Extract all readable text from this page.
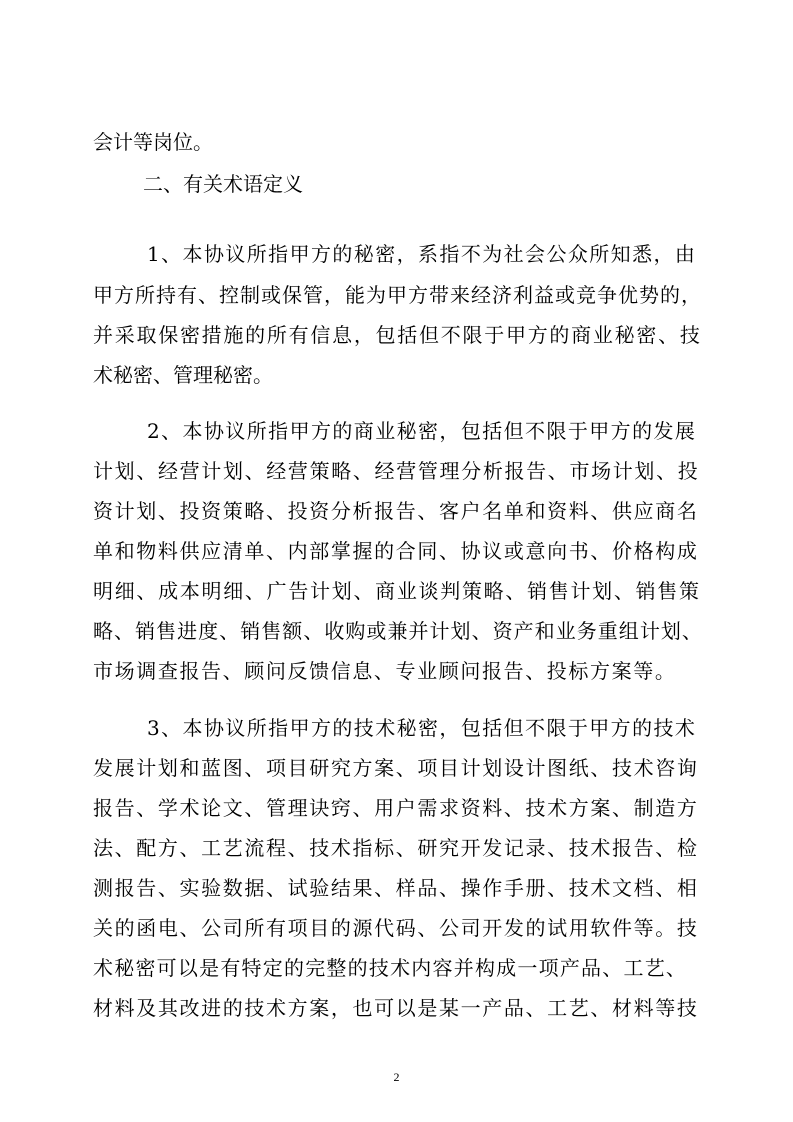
会计等岗位。
二、有关术语定义
1 、 本 协 议 所 指 甲 方 的 秘 密 ， 系 指 不 为 社 会 公 众 所 知 悉 ， 由
甲 方 所 持 有 、 控 制 或 保 管 ， 能 为 甲 方 带 来 经 济 利 益 或 竞 争 优 势 的 ，
并 采 取 保 密 措 施 的 所 有 信 息 ， 包 括 但 不 限 于 甲 方 的 商 业 秘 密 、 技
术秘密、管理秘密。
2 、 本 协 议 所 指 甲 方 的 商 业 秘 密 ， 包 括 但 不 限 于 甲 方 的 发 展
计 划 、 经 营 计 划 、 经 营 策 略 、 经 营 管 理 分 析 报 告 、 市 场 计 划 、 投
资 计 划 、 投 资 策 略 、 投 资 分 析 报 告 、 客 户 名 单 和 资 料 、 供 应 商 名
单 和 物 料 供 应 清 单 、 内 部 掌 握 的 合 同 、 协 议 或 意 向 书 、 价 格 构 成
明 细 、 成 本 明 细 、 广 告 计 划 、 商 业 谈 判 策 略 、 销 售 计 划 、 销 售 策
略 、 销 售 进 度 、 销 售 额 、 收 购 或 兼 并 计 划 、 资 产 和 业 务 重 组 计 划 、
市 场 调 查 报 告 、 顾 问 反 馈 信 息 、 专 业 顾 问 报 告 、 投 标 方 案 等 。
3 、 本 协 议 所 指 甲 方 的 技 术 秘 密 ， 包 括 但 不 限 于 甲 方 的 技 术
发 展 计 划 和 蓝 图 、 项 目 研 究 方 案 、 项 目 计 划 设 计 图 纸 、 技 术 咨 询
报 告 、 学 术 论 文 、 管 理 诀 窍 、 用 户 需 求 资 料 、 技 术 方 案 、 制 造 方
法 、 配 方 、 工 艺 流 程 、 技 术 指 标 、 研 究 开 发 记 录 、 技 术 报 告 、 检
测 报 告 、 实 验 数 据 、 试 验 结 果 、 样 品 、 操 作 手 册 、 技 术 文 档 、 相
关 的 函 电 、 公 司 所 有 项 目 的 源 代 码 、 公 司 开 发 的 试 用 软 件 等 。 技
术 秘 密 可 以 是 有 特 定 的 完 整 的 技 术 内 容 并 构 成 一 项 产 品 、 工 艺 、
材 料 及 其 改 进 的 技 术 方 案 ， 也 可 以 是 某 一 产 品 、 工 艺 、 材 料 等 技
2
